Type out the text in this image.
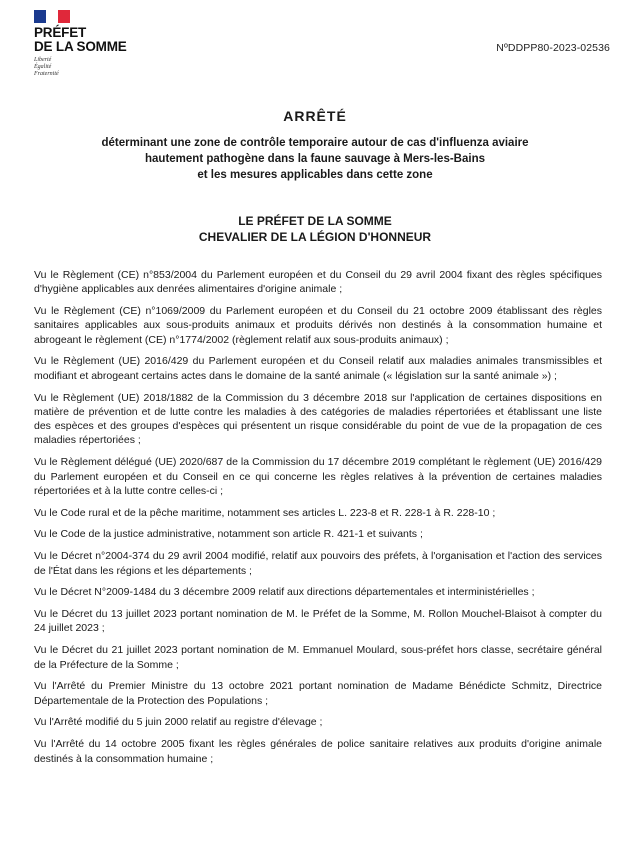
PRÉFET
DE LA SOMME
Liberté
Égalité
Fraternité
NºDDPP80-2023-02536
ARRÊTÉ
déterminant une zone de contrôle temporaire autour de cas d'influenza aviaire
hautement pathogène dans la faune sauvage à Mers-les-Bains
et les mesures applicables dans cette zone
LE PRÉFET DE LA SOMME
CHEVALIER DE LA LÉGION D'HONNEUR

Vu le Règlement (CE) n°853/2004 du Parlement européen et du Conseil du 29 avril 2004 fixant des règles spécifiques d'hygiène applicables aux denrées alimentaires d'origine animale ;

Vu le Règlement (CE) n°1069/2009 du Parlement européen et du Conseil du 21 octobre 2009 établissant des règles sanitaires applicables aux sous-produits animaux et produits dérivés non destinés à la consommation humaine et abrogeant le règlement (CE) n°1774/2002 (règlement relatif aux sous-produits animaux) ;

Vu le Règlement (UE) 2016/429 du Parlement européen et du Conseil relatif aux maladies animales transmissibles et modifiant et abrogeant certains actes dans le domaine de la santé animale (« législation sur la santé animale ») ;

Vu le Règlement (UE) 2018/1882 de la Commission du 3 décembre 2018 sur l'application de certaines dispositions en matière de prévention et de lutte contre les maladies à des catégories de maladies répertoriées et établissant une liste des espèces et des groupes d'espèces qui présentent un risque considérable du point de vue de la propagation de ces maladies répertoriées ;

Vu le Règlement délégué (UE) 2020/687 de la Commission du 17 décembre 2019 complétant le règlement (UE) 2016/429 du Parlement européen et du Conseil en ce qui concerne les règles relatives à la prévention de certaines maladies répertoriées et à la lutte contre celles-ci ;

Vu le Code rural et de la pêche maritime, notamment ses articles L. 223-8 et R. 228-1 à R. 228-10 ;

Vu le Code de la justice administrative, notamment son article R. 421-1 et suivants ;

Vu le Décret n°2004-374 du 29 avril 2004 modifié, relatif aux pouvoirs des préfets, à l'organisation et l'action des services de l'État dans les régions et les départements ;

Vu le Décret N°2009-1484 du 3 décembre 2009 relatif aux directions départementales et interministérielles ;

Vu le Décret du 13 juillet 2023 portant nomination de M. le Préfet de la Somme, M. Rollon Mouchel-Blaisot à compter du 24 juillet 2023 ;

Vu le Décret du 21 juillet 2023 portant nomination de M. Emmanuel Moulard, sous-préfet hors classe, secrétaire général de la Préfecture de la Somme ;

Vu l'Arrêté du Premier Ministre du 13 octobre 2021 portant nomination de Madame Bénédicte Schmitz, Directrice Départementale de la Protection des Populations ;

Vu l'Arrêté modifié du 5 juin 2000 relatif au registre d'élevage ;

Vu l'Arrêté du 14 octobre 2005 fixant les règles générales de police sanitaire relatives aux produits d'origine animale destinés à la consommation humaine ;
